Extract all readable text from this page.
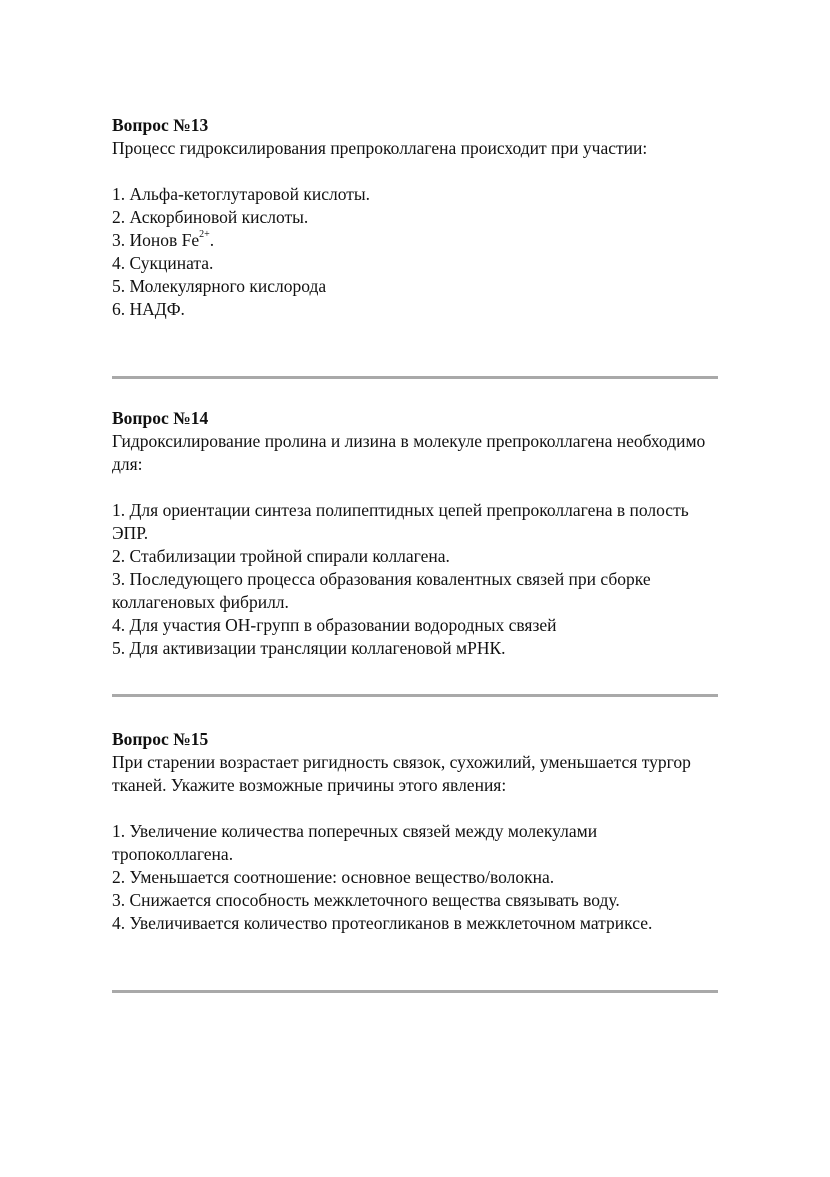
Вопрос №13

Процесс гидроксилирования препроколлагена происходит при участии:

1. Альфа-кетоглутаровой кислоты.
2. Аскорбиновой кислоты.
3. Ионов $Fe^{2+}$.
4. Сукцината.
5. Молекулярного кислорода
6. НАДФ.

Вопрос №14

Гидроксилирование пролина и лизина в молекуле препроколлагена необходимо для:

1. Для ориентации синтеза полипептидных цепей препроколлагена в полость ЭПР.
2. Стабилизации тройной спирали коллагена.
3. Последующего процесса образования ковалентных связей при сборке коллагеновых фибрилл.
4. Для участия ОН-групп в образовании водородных связей
5. Для активизации трансляции коллагеновой мРНК.

Вопрос №15

При старении возрастает ригидность связок, сухожилий, уменьшается тургор тканей. Укажите возможные причины этого явления:

1. Увеличение количества поперечных связей между молекулами тропоколлагена.
2. Уменьшается соотношение: основное вещество/волокна.
3. Снижается способность межклеточного вещества связывать воду.
4. Увеличивается количество протеогликанов в межклеточном матриксе.
